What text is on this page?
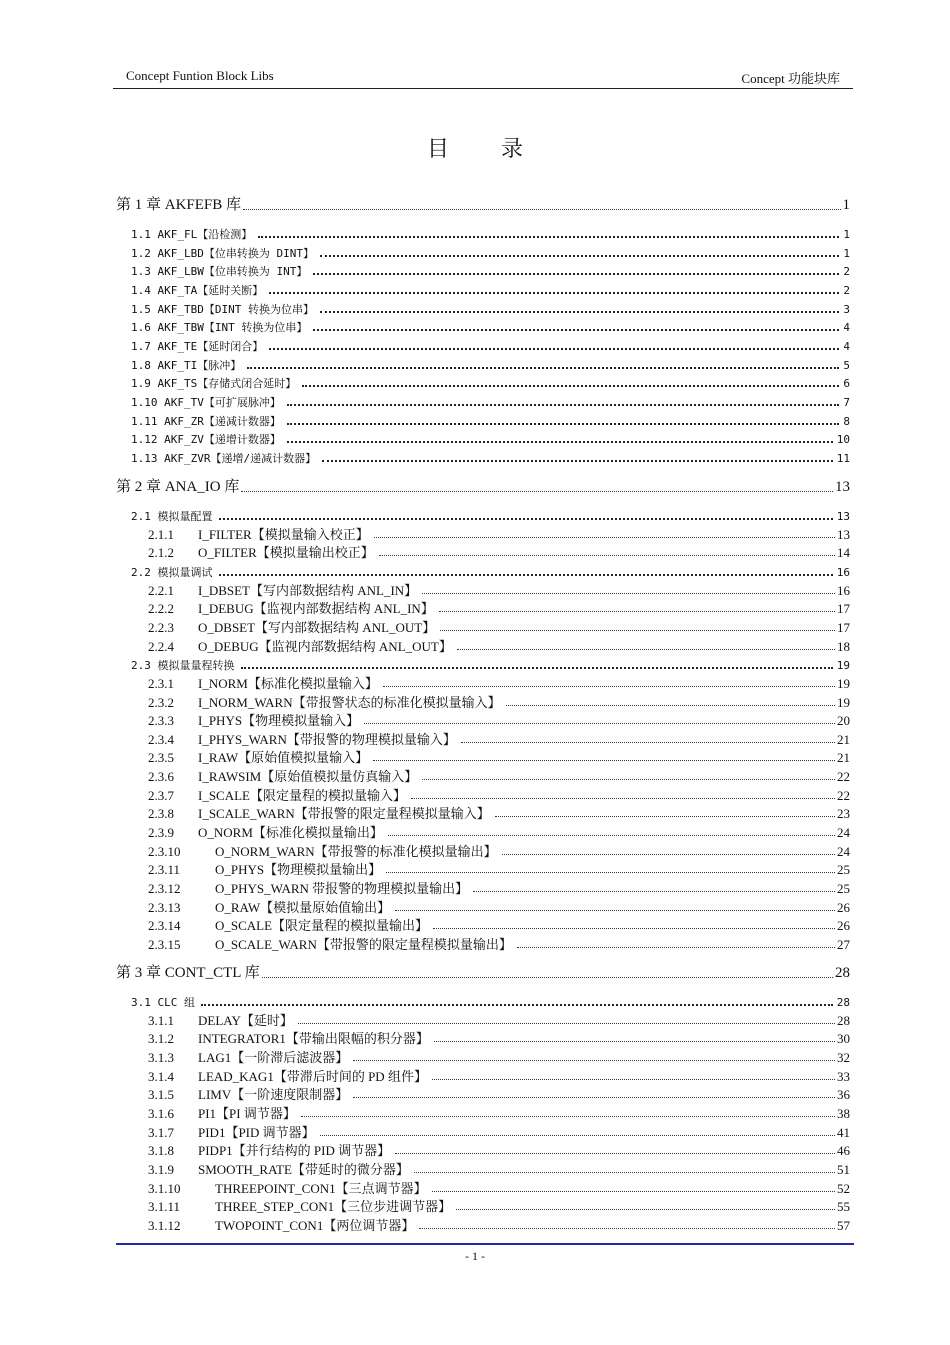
Concept Funtion Block Libs	Concept 功能块库
目录
第 1 章 AKFEFB 库	1
1.1 AKF_FL【沿检测】	1
1.2 AKF_LBD【位串转换为 DINT】	1
1.3 AKF_LBW【位串转换为 INT】	2
1.4 AKF_TA【延时关断】	2
1.5 AKF_TBD【DINT 转换为位串】	3
1.6 AKF_TBW【INT 转换为位串】	4
1.7 AKF_TE【延时闭合】	4
1.8 AKF_TI【脉冲】	5
1.9 AKF_TS【存储式闭合延时】	6
1.10 AKF_TV【可扩展脉冲】	7
1.11 AKF_ZR【递减计数器】	8
1.12 AKF_ZV【递增计数器】	10
1.13 AKF_ZVR【递增/递减计数器】	11
第 2 章 ANA_IO 库	13
2.1 模拟量配置	13
2.1.1	I_FILTER【模拟量输入校正】	13
2.1.2	O_FILTER【模拟量输出校正】	14
2.2 模拟量调试	16
2.2.1	I_DBSET【写内部数据结构 ANL_IN】	16
2.2.2	I_DEBUG【监视内部数据结构 ANL_IN】	17
2.2.3	O_DBSET【写内部数据结构 ANL_OUT】	17
2.2.4	O_DEBUG【监视内部数据结构 ANL_OUT】	18
2.3 模拟量量程转换	19
2.3.1	I_NORM【标准化模拟量输入】	19
2.3.2	I_NORM_WARN【带报警状态的标准化模拟量输入】	19
2.3.3	I_PHYS【物理模拟量输入】	20
2.3.4	I_PHYS_WARN【带报警的物理模拟量输入】	21
2.3.5	I_RAW【原始值模拟量输入】	21
2.3.6	I_RAWSIM【原始值模拟量仿真输入】	22
2.3.7	I_SCALE【限定量程的模拟量输入】	22
2.3.8	I_SCALE_WARN【带报警的限定量程模拟量输入】	23
2.3.9	O_NORM【标准化模拟量输出】	24
2.3.10	O_NORM_WARN【带报警的标准化模拟量输出】	24
2.3.11	O_PHYS【物理模拟量输出】	25
2.3.12	O_PHYS_WARN 带报警的物理模拟量输出】	25
2.3.13	O_RAW【模拟量原始值输出】	26
2.3.14	O_SCALE【限定量程的模拟量输出】	26
2.3.15	O_SCALE_WARN【带报警的限定量程模拟量输出】	27
第 3 章 CONT_CTL 库	28
3.1 CLC 组	28
3.1.1	DELAY【延时】	28
3.1.2	INTEGRATOR1【带输出限幅的积分器】	30
3.1.3	LAG1【一阶滞后滤波器】	32
3.1.4	LEAD_KAG1【带滞后时间的 PD 组件】	33
3.1.5	LIMV【一阶速度限制器】	36
3.1.6	PI1【PI 调节器】	38
3.1.7	PID1【PID 调节器】	41
3.1.8	PIDP1【并行结构的 PID 调节器】	46
3.1.9	SMOOTH_RATE【带延时的微分器】	51
3.1.10	THREEPOINT_CON1【三点调节器】	52
3.1.11	THREE_STEP_CON1【三位步进调节器】	55
3.1.12	TWOPOINT_CON1【两位调节器】	57
- 1 -
